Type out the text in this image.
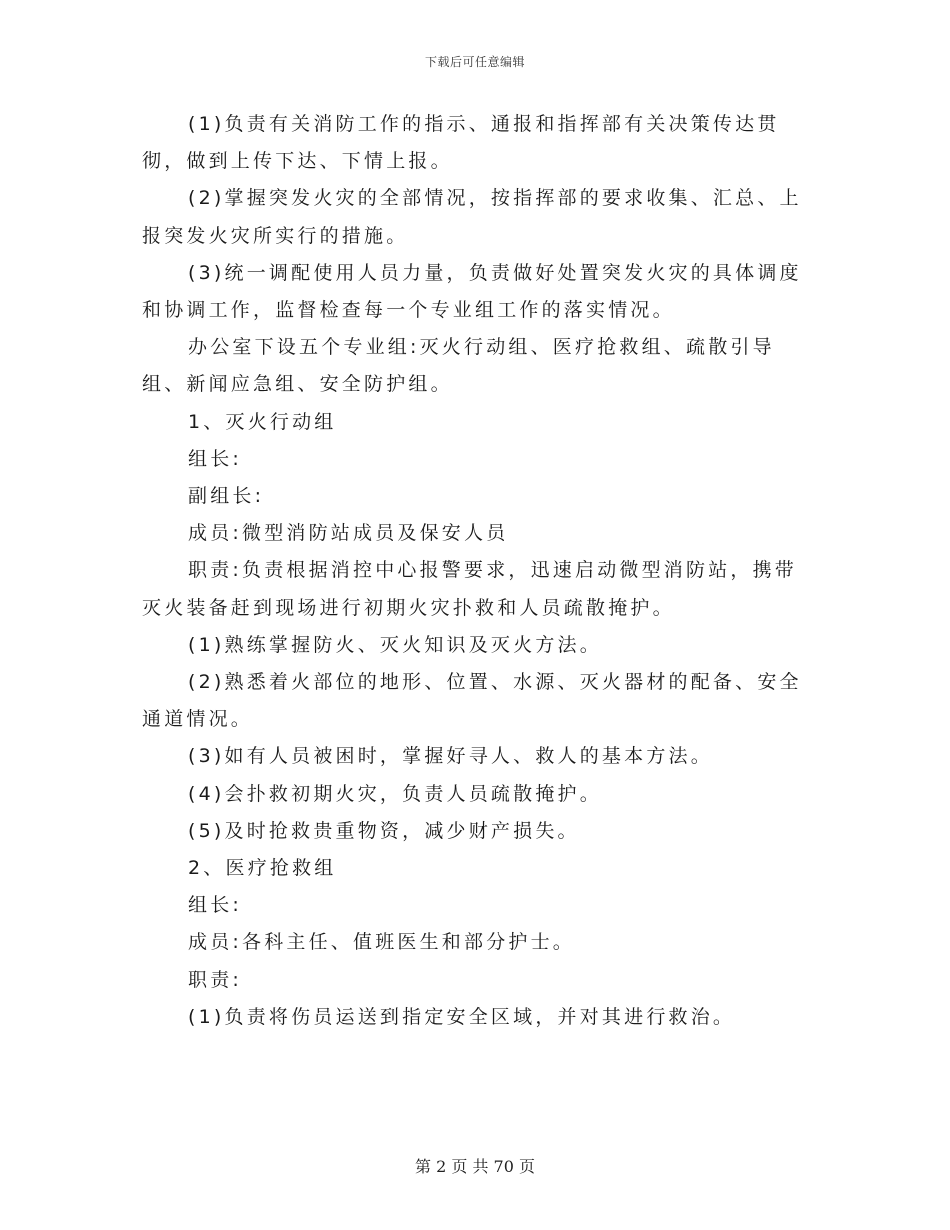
下载后可任意编辑

(1)负责有关消防工作的指示、通报和指挥部有关决策传达贯彻，做到上传下达、下情上报。

(2)掌握突发火灾的全部情况，按指挥部的要求收集、汇总、上报突发火灾所实行的措施。

(3)统一调配使用人员力量，负责做好处置突发火灾的具体调度和协调工作，监督检查每一个专业组工作的落实情况。

办公室下设五个专业组:灭火行动组、医疗抢救组、疏散引导组、新闻应急组、安全防护组。

1、灭火行动组

组长:

副组长:

成员:微型消防站成员及保安人员

职责:负责根据消控中心报警要求，迅速启动微型消防站，携带灭火装备赶到现场进行初期火灾扑救和人员疏散掩护。

(1)熟练掌握防火、灭火知识及灭火方法。

(2)熟悉着火部位的地形、位置、水源、灭火器材的配备、安全通道情况。

(3)如有人员被困时，掌握好寻人、救人的基本方法。

(4)会扑救初期火灾，负责人员疏散掩护。

(5)及时抢救贵重物资，减少财产损失。

2、医疗抢救组

组长:

成员:各科主任、值班医生和部分护士。

职责:

(1)负责将伤员运送到指定安全区域，并对其进行救治。

第 2 页 共 70 页
